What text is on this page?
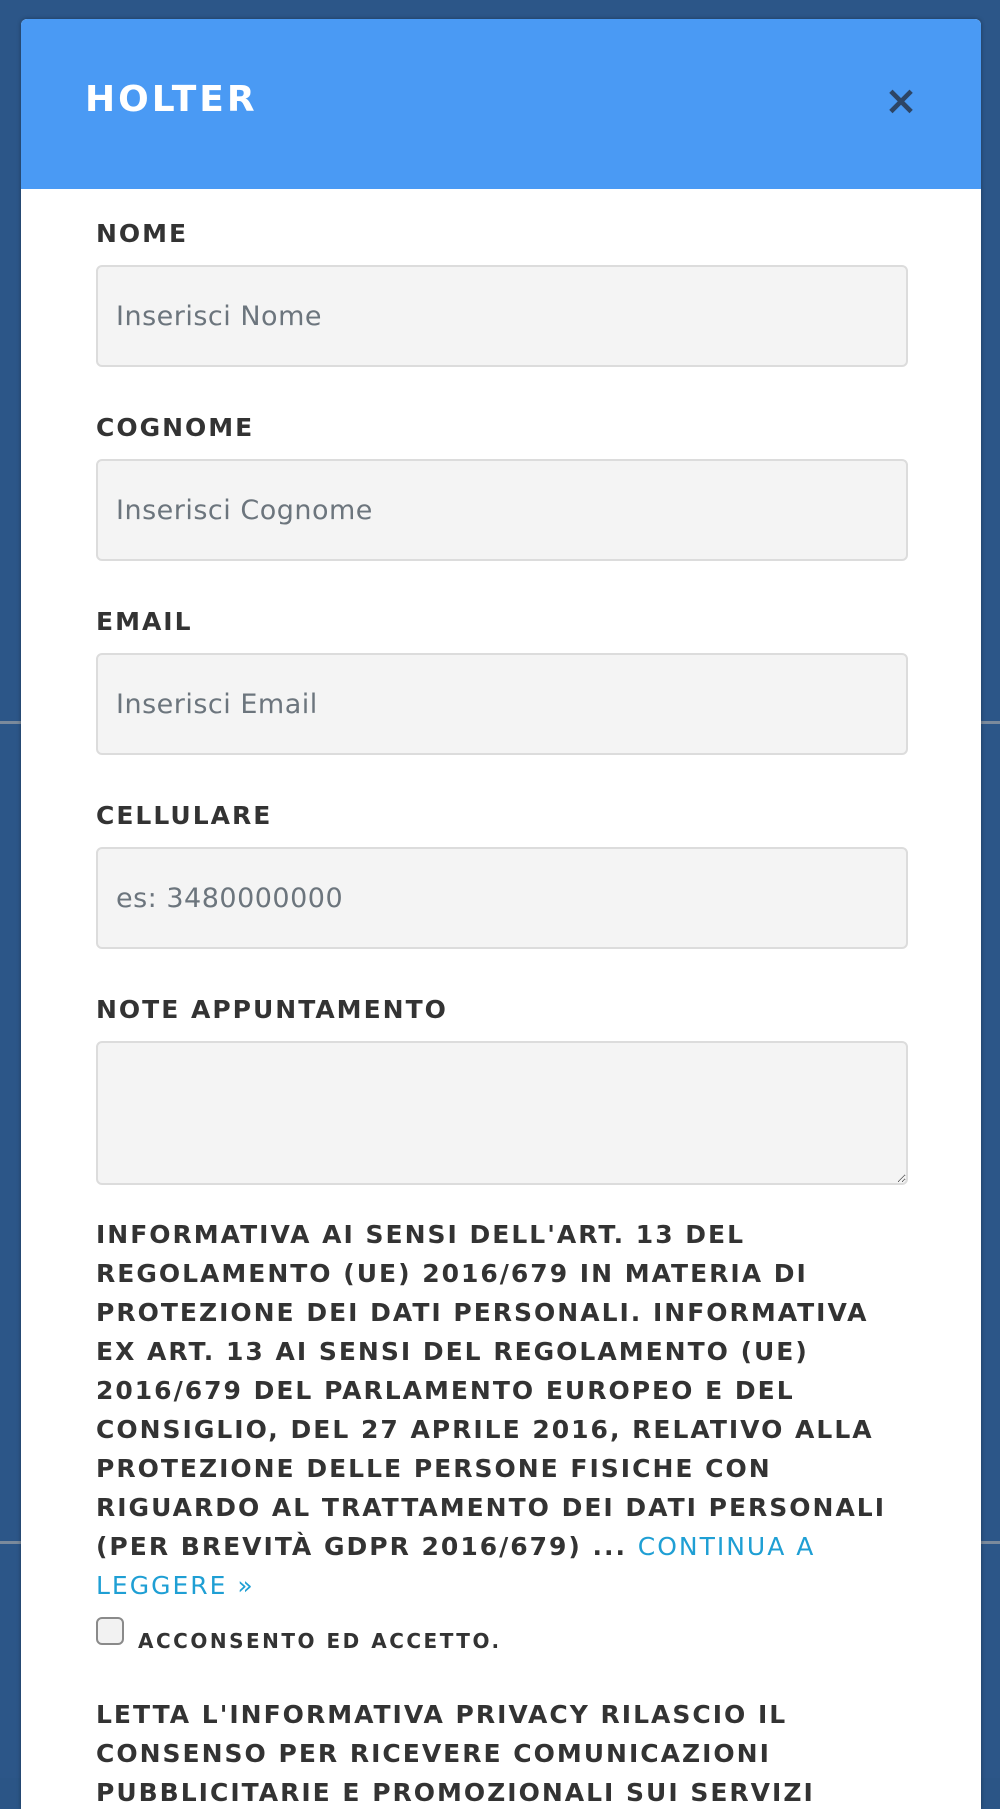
HOLTER	×
NOME
Inserisci Nome
COGNOME
Inserisci Cognome
EMAIL
Inserisci Email
CELLULARE
es: 3480000000
NOTE APPUNTAMENTO

INFORMATIVA AI SENSI DELL'ART. 13 DEL REGOLAMENTO (UE) 2016/679 IN MATERIA DI PROTEZIONE DEI DATI PERSONALI. INFORMATIVA EX ART. 13 AI SENSI DEL REGOLAMENTO (UE) 2016/679 DEL PARLAMENTO EUROPEO E DEL CONSIGLIO, DEL 27 APRILE 2016, RELATIVO ALLA PROTEZIONE DELLE PERSONE FISICHE CON RIGUARDO AL TRATTAMENTO DEI DATI PERSONALI (PER BREVITÀ GDPR 2016/679) ... CONTINUA A LEGGERE »

ACCONSENTO ED ACCETTO.
LETTA L'INFORMATIVA PRIVACY RILASCIO IL CONSENSO PER RICEVERE COMUNICAZIONI PUBBLICITARIE E PROMOZIONALI SUI SERVIZI
